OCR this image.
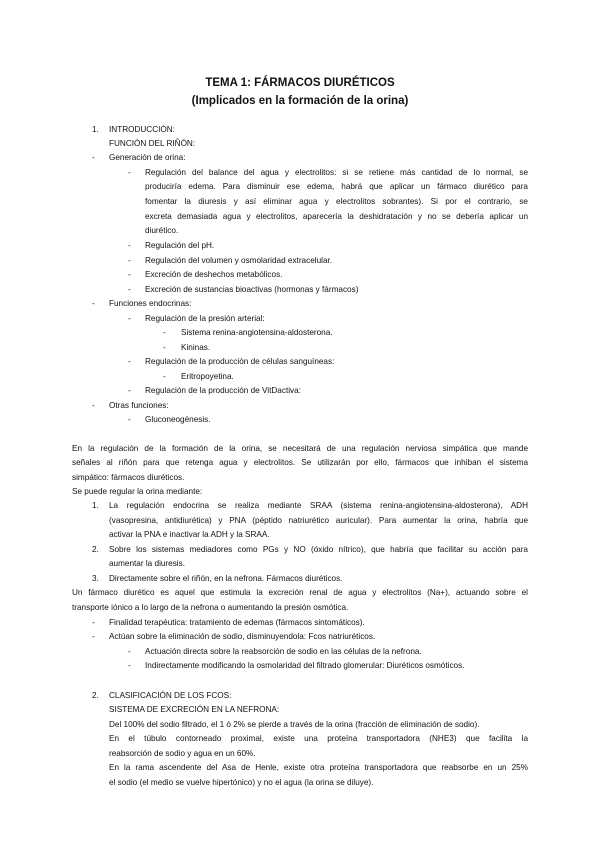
TEMA 1: FÁRMACOS DIURÉTICOS
(Implicados en la formación de la orina)
1. INTRODUCCIÓN:
FUNCIÓN DEL RIÑÓN:
- Generación de orina:
- Regulación del balance del agua y electrolitos: si se retiene más cantidad de lo normal, se
produciría edema. Para disminuir ese edema, habrá que aplicar un fármaco diurético para
fomentar la diuresis y así eliminar agua y electrolitos sobrantes). Si por el contrario, se
excreta demasiada agua y electrolitos, aparecería la deshidratación y no se debería aplicar un
diurético.
- Regulación del pH.
- Regulación del volumen y osmolaridad extracelular.
- Excreción de deshechos metabólicos.
- Excreción de sustancias bioactivas (hormonas y fármacos)
- Funciones endocrinas:
- Regulación de la presión arterial:
- Sistema renina-angiotensina-aldosterona.
- Kininas.
- Regulación de la producción de células sanguíneas:
- Eritropoyetina.
- Regulación de la producción de VitDactiva:
- Otras funciones:
- Gluconeogénesis.
En la regulación de la formación de la orina, se necesitará de una regulación nerviosa simpática que mande
señales al riñón para que retenga agua y electrolitos. Se utilizarán por ello, fármacos que inhiban el sistema
simpático: fármacos diuréticos.
Se puede regular la orina mediante:
1. La regulación endocrina se realiza mediante SRAA (sistema renina-angiotensina-aldosterona), ADH
(vasopresina, antidiurética) y PNA (péptido natriurético auricular). Para aumentar la orina, habría que
activar la PNA e inactivar la ADH y la SRAA.
2. Sobre los sistemas mediadores como PGs y NO (óxido nítrico), que habría que facilitar su acción para
aumentar la diuresis.
3. Directamente sobre el riñón, en la nefrona. Fármacos diuréticos.
Un fármaco diurético es aquel que estimula la excreción renal de agua y electrolitos (Na+), actuando sobre el
transporte iónico a lo largo de la nefrona o aumentando la presión osmótica.
- Finalidad terapéutica: tratamiento de edemas (fármacos sintomáticos).
- Actúan sobre la eliminación de sodio, disminuyendola: Fcos natriuréticos.
- Actuación directa sobre la reabsorción de sodio en las células de la nefrona.
- Indirectamente modificando la osmolaridad del filtrado glomerular: Diuréticos osmóticos.
2. CLASIFICACIÓN DE LOS FCOS:
SISTEMA DE EXCRECIÓN EN LA NEFRONA:
Del 100% del sodio filtrado, el 1 ó 2% se pierde a través de la orina (fracción de eliminación de sodio).
En el túbulo contorneado proximal, existe una proteína transportadora (NHE3) que facilita la
reabsorción de sodio y agua en un 60%.
En la rama ascendente del Asa de Henle, existe otra proteína transportadora que reabsorbe en un 25%
el sodio (el medio se vuelve hipertónico) y no el agua (la orina se diluye).
